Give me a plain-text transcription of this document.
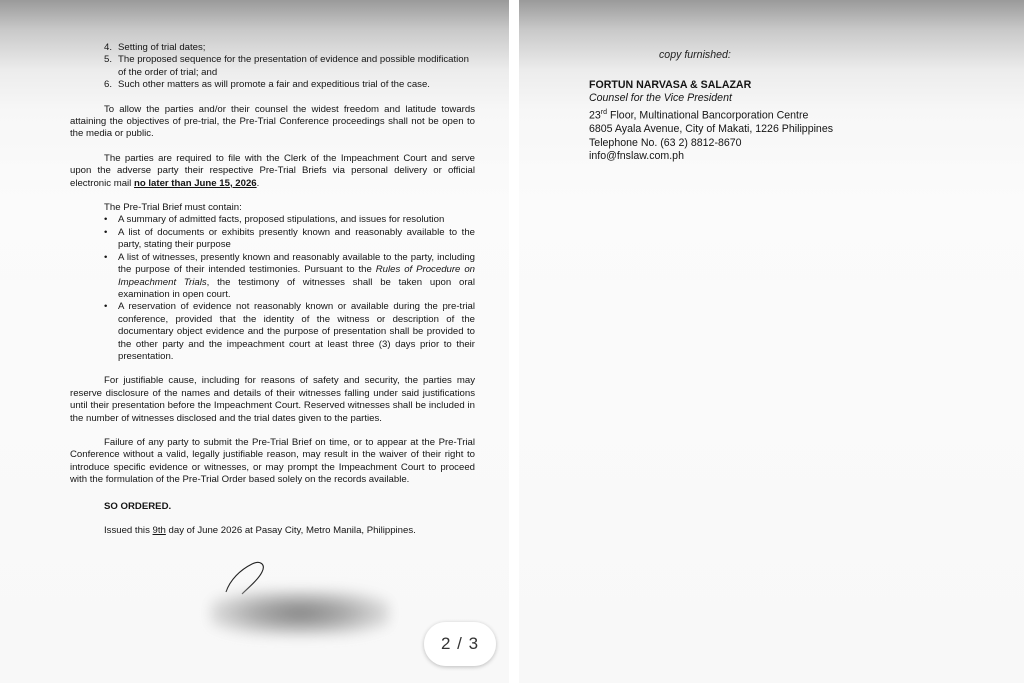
4. Setting of trial dates;
5. The proposed sequence for the presentation of evidence and possible modification of the order of trial; and
6. Such other matters as will promote a fair and expeditious trial of the case.

To allow the parties and/or their counsel the widest freedom and latitude towards attaining the objectives of pre-trial, the Pre-Trial Conference proceedings shall not be open to the media or public.

The parties are required to file with the Clerk of the Impeachment Court and serve upon the adverse party their respective Pre-Trial Briefs via personal delivery or official electronic mail no later than June 15, 2026.

The Pre-Trial Brief must contain:

• A summary of admitted facts, proposed stipulations, and issues for resolution
• A list of documents or exhibits presently known and reasonably available to the party, stating their purpose
• A list of witnesses, presently known and reasonably available to the party, including the purpose of their intended testimonies. Pursuant to the Rules of Procedure on Impeachment Trials, the testimony of witnesses shall be taken upon oral examination in open court.
• A reservation of evidence not reasonably known or available during the pre-trial conference, provided that the identity of the witness or description of the documentary object evidence and the purpose of presentation shall be provided to the other party and the impeachment court at least three (3) days prior to their presentation.

For justifiable cause, including for reasons of safety and security, the parties may reserve disclosure of the names and details of their witnesses falling under said justifications until their presentation before the Impeachment Court. Reserved witnesses shall be included in the number of witnesses disclosed and the trial dates given to the parties.

Failure of any party to submit the Pre-Trial Brief on time, or to appear at the Pre-Trial Conference without a valid, legally justifiable reason, may result in the waiver of their right to introduce specific evidence or witnesses, or may prompt the Impeachment Court to proceed with the formulation of the Pre-Trial Order based solely on the records available.

SO ORDERED.
Issued this 9th day of June 2026 at Pasay City, Metro Manila, Philippines.
2 / 3
copy furnished:
FORTUN NARVASA & SALAZAR
Counsel for the Vice President
23rd Floor, Multinational Bancorporation Centre
6805 Ayala Avenue, City of Makati, 1226 Philippines
Telephone No. (63 2) 8812-8670
info@fnslaw.com.ph
